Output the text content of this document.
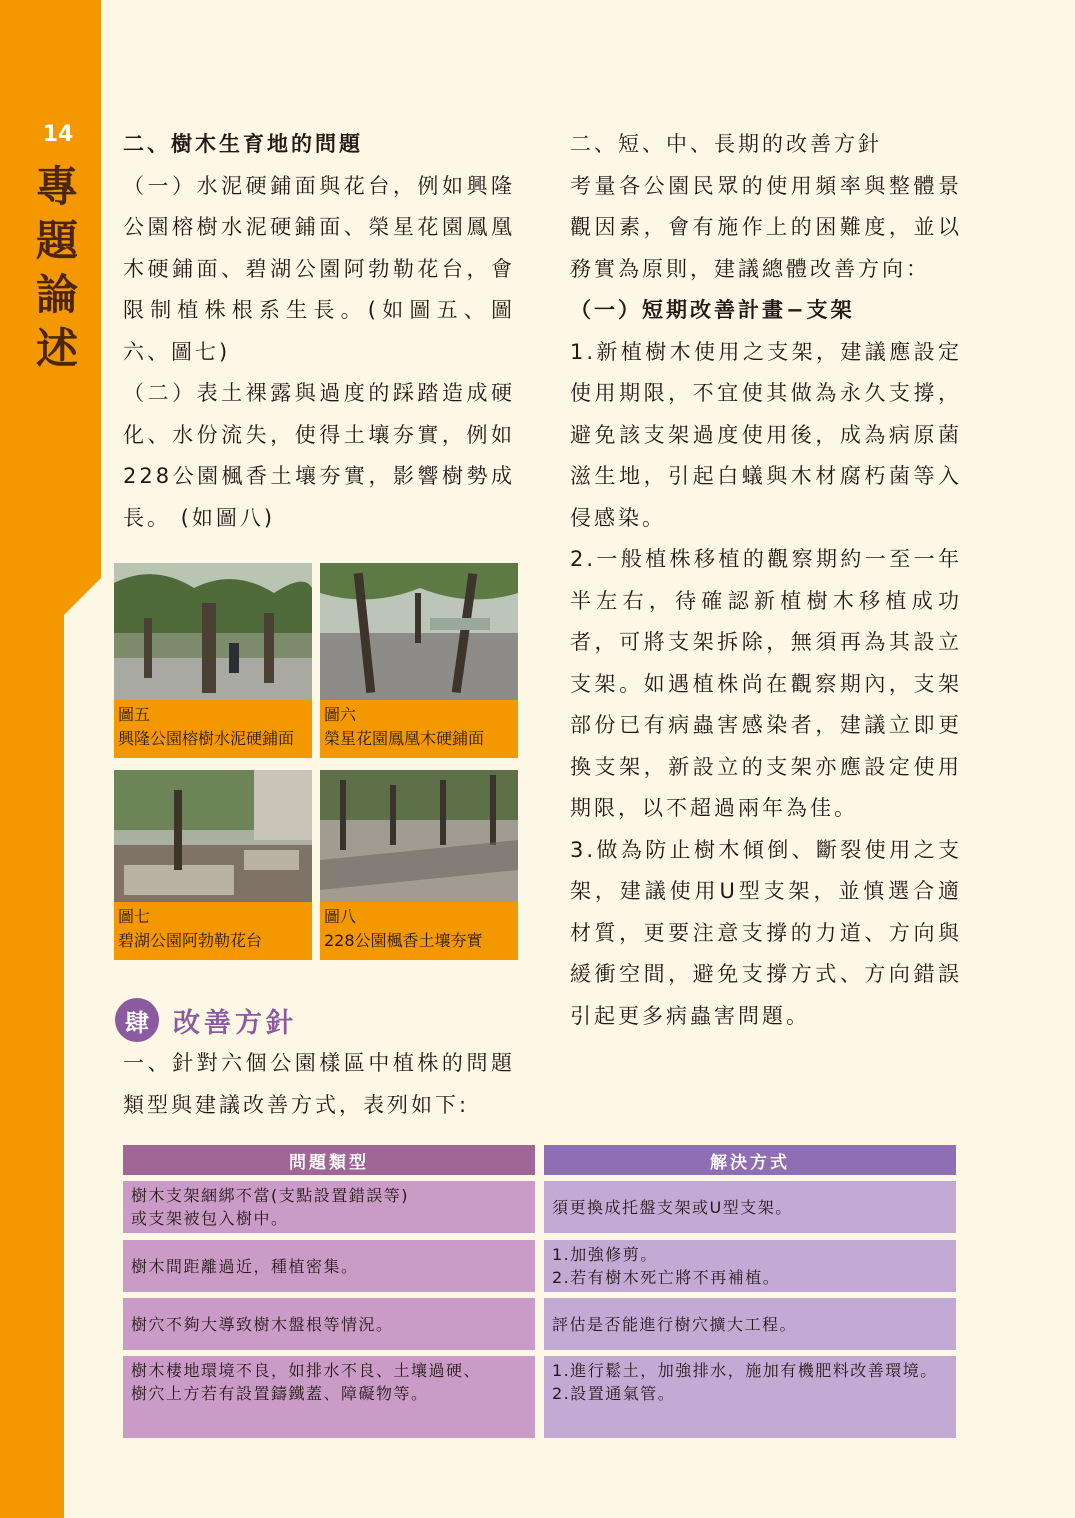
14
專
題
論
述

二、樹木生育地的問題

（一）水泥硬鋪面與花台，例如興隆公園榕樹水泥硬鋪面、榮星花園鳳凰木硬鋪面、碧湖公園阿勃勒花台，會限制植株根系生長。(如圖五、圖六、圖七)

（二）表土裸露與過度的踩踏造成硬化、水份流失，使得土壤夯實，例如228公園楓香土壤夯實，影響樹勢成長。 (如圖八)

圖五
興隆公園榕樹水泥硬鋪面
圖六
榮星花園鳳凰木硬鋪面
圖七
碧湖公園阿勃勒花台
圖八
228公園楓香土壤夯實
肆 改善方針

一、針對六個公園樣區中植株的問題類型與建議改善方式，表列如下:

二、短、中、長期的改善方針

考量各公園民眾的使用頻率與整體景觀因素，會有施作上的困難度，並以務實為原則，建議總體改善方向：

（一）短期改善計畫−支架

1.新植樹木使用之支架，建議應設定使用期限，不宜使其做為永久支撐，避免該支架過度使用後，成為病原菌滋生地，引起白蟻與木材腐朽菌等入侵感染。

2.一般植株移植的觀察期約一至一年半左右，待確認新植樹木移植成功者，可將支架拆除，無須再為其設立支架。如遇植株尚在觀察期內，支架部份已有病蟲害感染者，建議立即更換支架，新設立的支架亦應設定使用期限，以不超過兩年為佳。

3.做為防止樹木傾倒、斷裂使用之支架，建議使用U型支架，並慎選合適材質，更要注意支撐的力道、方向與緩衝空間，避免支撐方式、方向錯誤引起更多病蟲害問題。

問題類型	解決方式
樹木支架綑綁不當(支點設置錯誤等)
或支架被包入樹中。
須更換成托盤支架或U型支架。
樹木間距離過近，種植密集。
1.加強修剪。
2.若有樹木死亡將不再補植。
樹穴不夠大導致樹木盤根等情況。	評估是否能進行樹穴擴大工程。
樹木棲地環境不良，如排水不良、土壤過硬、
樹穴上方若有設置鑄鐵蓋、障礙物等。
1.進行鬆土，加強排水，施加有機肥料改善環境。
2.設置通氣管。
